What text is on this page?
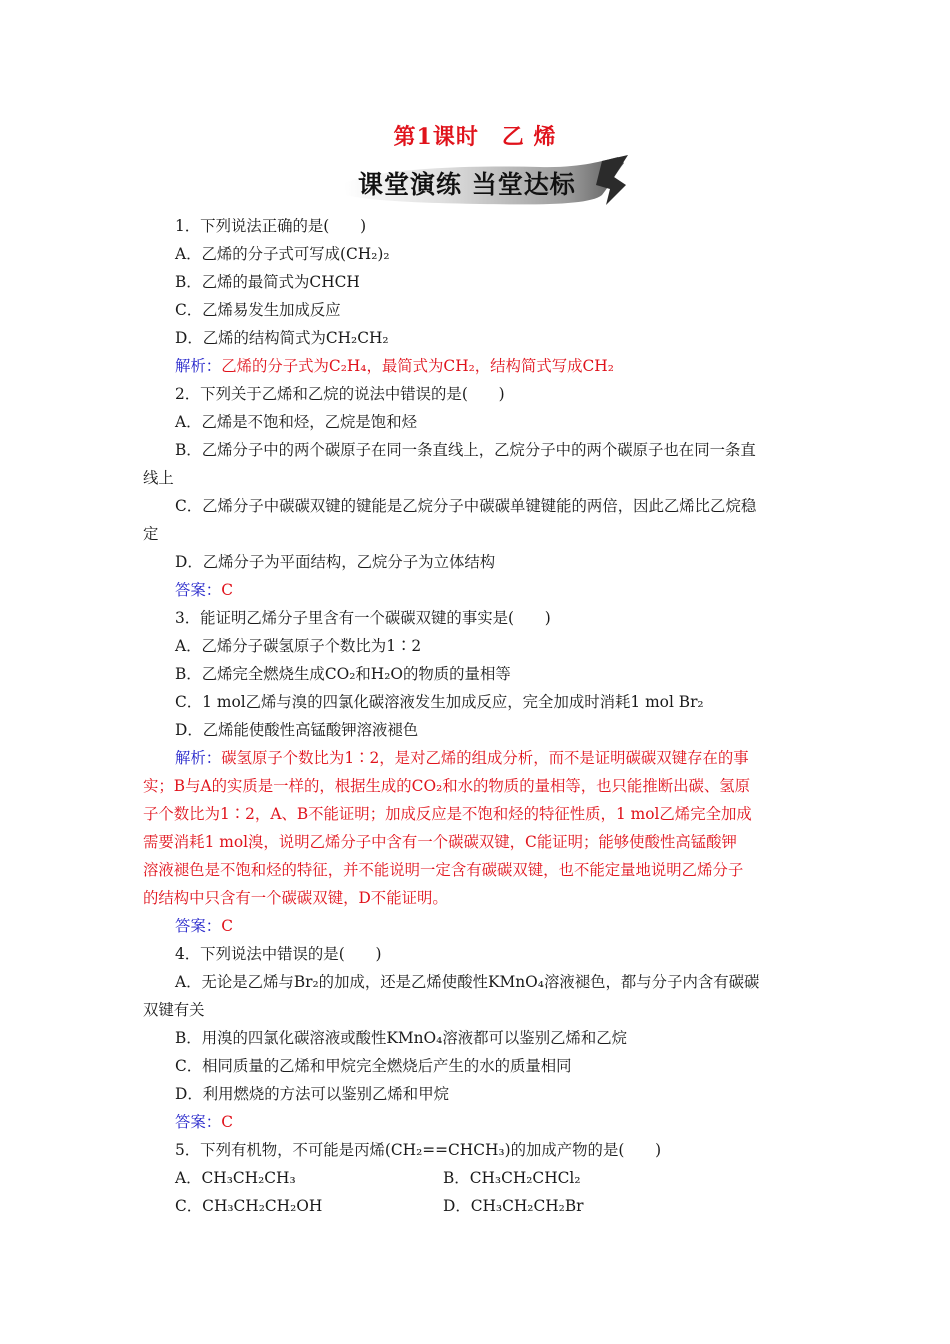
第1课时　乙 烯
课堂演练 当堂达标
1．下列说法正确的是(　　)
A．乙烯的分子式可写成(CH₂)₂
B．乙烯的最简式为CHCH
C．乙烯易发生加成反应
D．乙烯的结构简式为CH₂CH₂
解析：乙烯的分子式为C₂H₄，最简式为CH₂，结构简式写成CH₂
2．下列关于乙烯和乙烷的说法中错误的是(　　)
A．乙烯是不饱和烃，乙烷是饱和烃
B．乙烯分子中的两个碳原子在同一条直线上，乙烷分子中的两个碳原子也在同一条直
线上
C．乙烯分子中碳碳双键的键能是乙烷分子中碳碳单键键能的两倍，因此乙烯比乙烷稳
定
D．乙烯分子为平面结构，乙烷分子为立体结构
答案：C
3．能证明乙烯分子里含有一个碳碳双键的事实是(　　)
A．乙烯分子碳氢原子个数比为1∶2
B．乙烯完全燃烧生成CO₂和H₂O的物质的量相等
C．1 mol乙烯与溴的四氯化碳溶液发生加成反应，完全加成时消耗1 mol Br₂
D．乙烯能使酸性高锰酸钾溶液褪色
解析：碳氢原子个数比为1∶2，是对乙烯的组成分析，而不是证明碳碳双键存在的事
实；B与A的实质是一样的，根据生成的CO₂和水的物质的量相等，也只能推断出碳、氢原
子个数比为1∶2，A、B不能证明；加成反应是不饱和烃的特征性质，1 mol乙烯完全加成
需要消耗1 mol溴，说明乙烯分子中含有一个碳碳双键，C能证明；能够使酸性高锰酸钾
溶液褪色是不饱和烃的特征，并不能说明一定含有碳碳双键，也不能定量地说明乙烯分子
的结构中只含有一个碳碳双键，D不能证明。
答案：C
4．下列说法中错误的是(　　)
A．无论是乙烯与Br₂的加成，还是乙烯使酸性KMnO₄溶液褪色，都与分子内含有碳碳
双键有关
B．用溴的四氯化碳溶液或酸性KMnO₄溶液都可以鉴别乙烯和乙烷
C．相同质量的乙烯和甲烷完全燃烧后产生的水的质量相同
D．利用燃烧的方法可以鉴别乙烯和甲烷
答案：C
5．下列有机物，不可能是丙烯(CH₂==CHCH₃)的加成产物的是(　　)
A．CH₃CH₂CH₃	B．CH₃CH₂CHCl₂
C．CH₃CH₂CH₂OH	D．CH₃CH₂CH₂Br
